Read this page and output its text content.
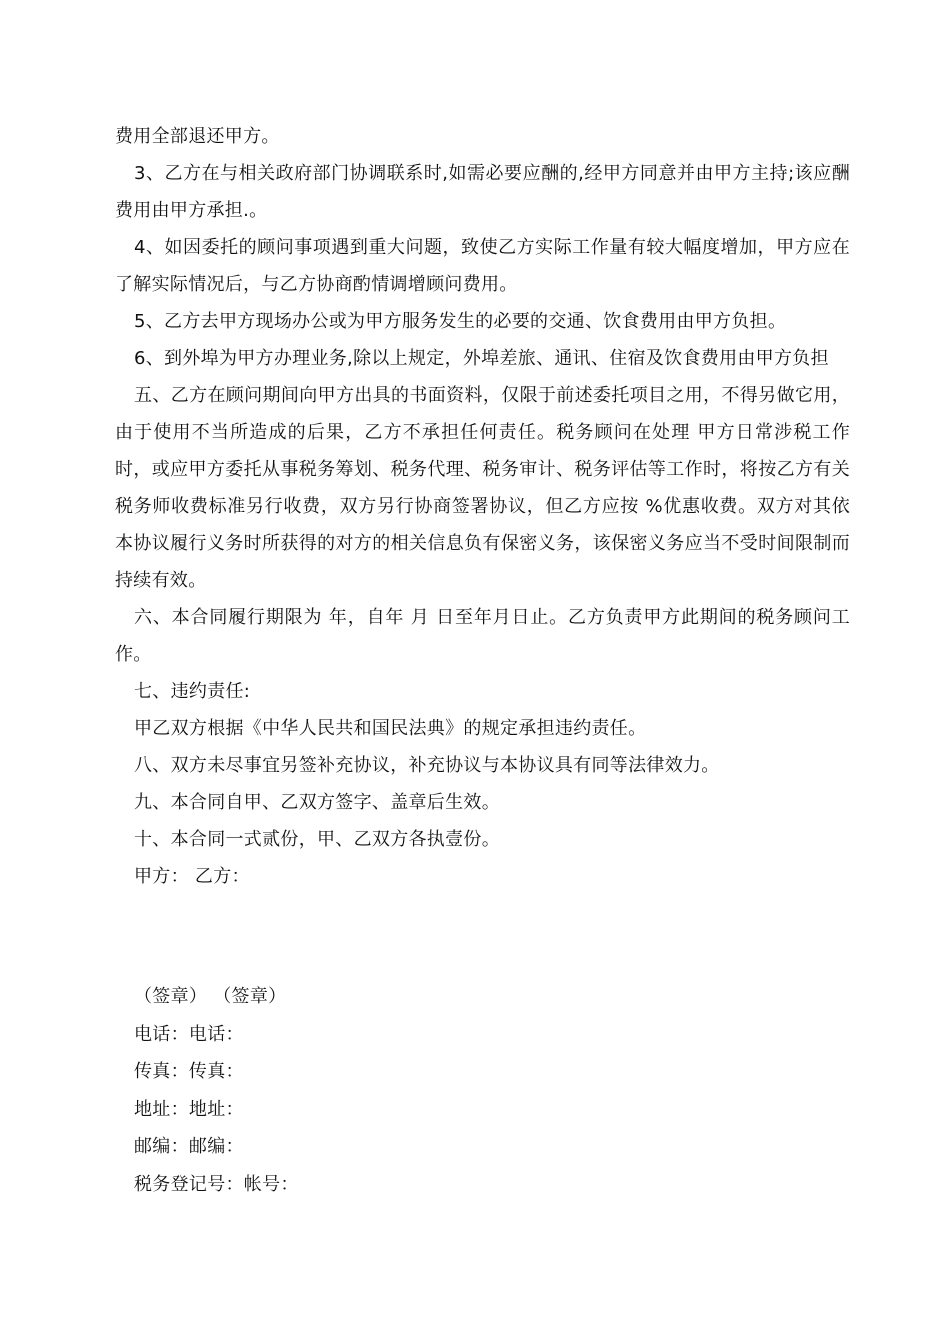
费用全部退还甲方。

3、乙方在与相关政府部门协调联系时,如需必要应酬的,经甲方同意并由甲方主持;该应酬费用由甲方承担.。

4、如因委托的顾问事项遇到重大问题，致使乙方实际工作量有较大幅度增加，甲方应在了解实际情况后，与乙方协商酌情调增顾问费用。

5、乙方去甲方现场办公或为甲方服务发生的必要的交通、饮食费用由甲方负担。

6、到外埠为甲方办理业务,除以上规定，外埠差旅、通讯、住宿及饮食费用由甲方负担

五、乙方在顾问期间向甲方出具的书面资料，仅限于前述委托项目之用，不得另做它用，由于使用不当所造成的后果，乙方不承担任何责任。税务顾问在处理 甲方日常涉税工作时，或应甲方委托从事税务筹划、税务代理、税务审计、税务评估等工作时，将按乙方有关税务师收费标准另行收费，双方另行协商签署协议，但乙方应按 %优惠收费。双方对其依本协议履行义务时所获得的对方的相关信息负有保密义务，该保密义务应当不受时间限制而持续有效。

六、本合同履行期限为 年，自年 月 日至年月日止。乙方负责甲方此期间的税务顾问工作。

七、违约责任:

甲乙双方根据《中华人民共和国民法典》的规定承担违约责任。

八、双方未尽事宜另签补充协议，补充协议与本协议具有同等法律效力。

九、本合同自甲、乙双方签字、盖章后生效。

十、本合同一式贰份，甲、乙双方各执壹份。

甲方： 乙方：

（签章） （签章）

电话：电话：

传真：传真：

地址：地址：

邮编：邮编：

税务登记号：帐号：
